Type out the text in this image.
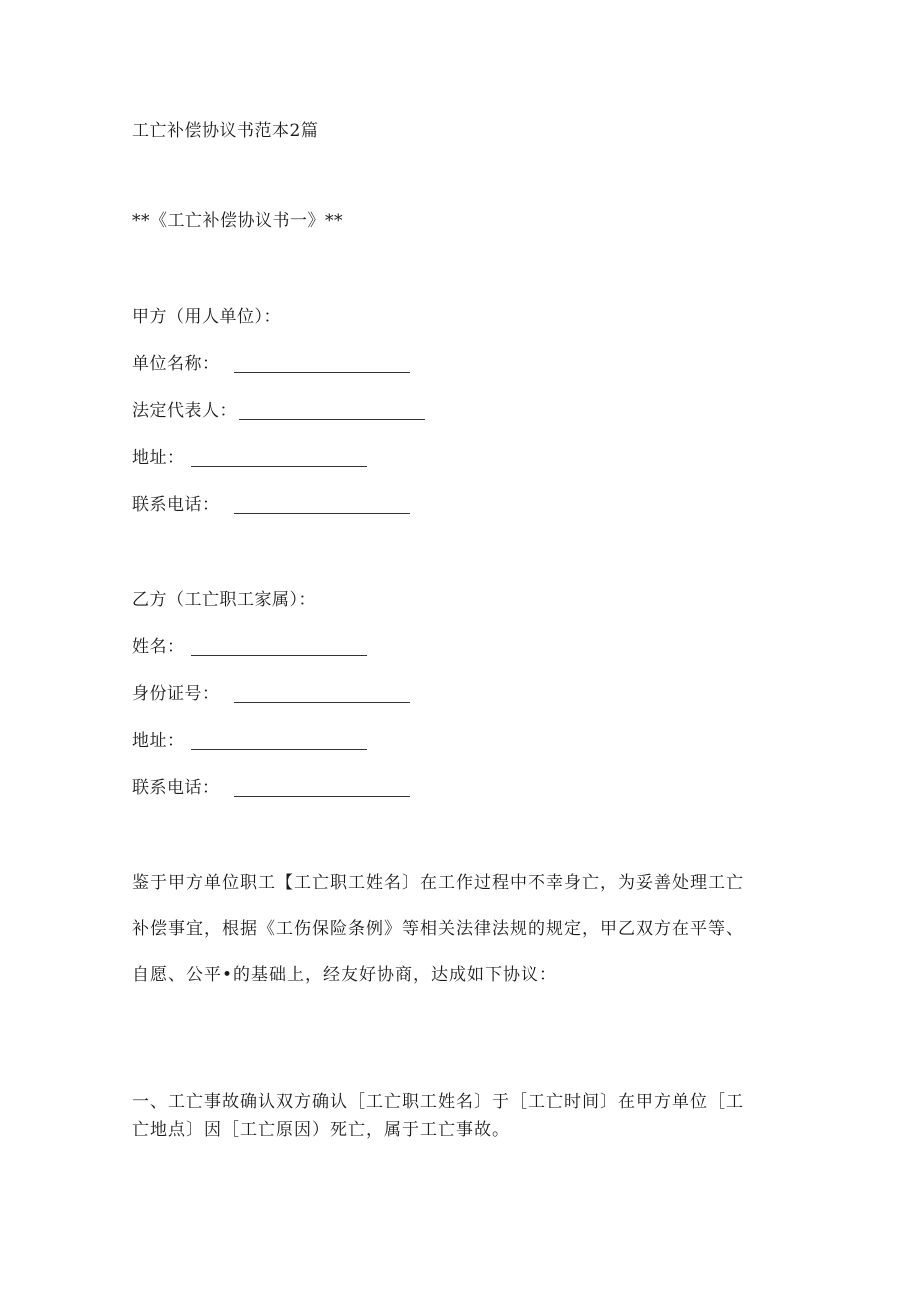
工亡补偿协议书范本2篇
**《工亡补偿协议书一》**
甲方（用人单位）：
单位名称：
法定代表人：
地址：
联系电话：
乙方（工亡职工家属）：
姓名：
身份证号：
地址：
联系电话：
鉴于甲方单位职工【工亡职工姓名〕在工作过程中不幸身亡，为妥善处理工亡
补偿事宜，根据《工伤保险条例》等相关法律法规的规定，甲乙双方在平等、
自愿、公平•的基础上，经友好协商，达成如下协议：
一、工亡事故确认双方确认［工亡职工姓名〕于［工亡时间〕在甲方单位［工
亡地点〕因［工亡原因）死亡，属于工亡事故。
